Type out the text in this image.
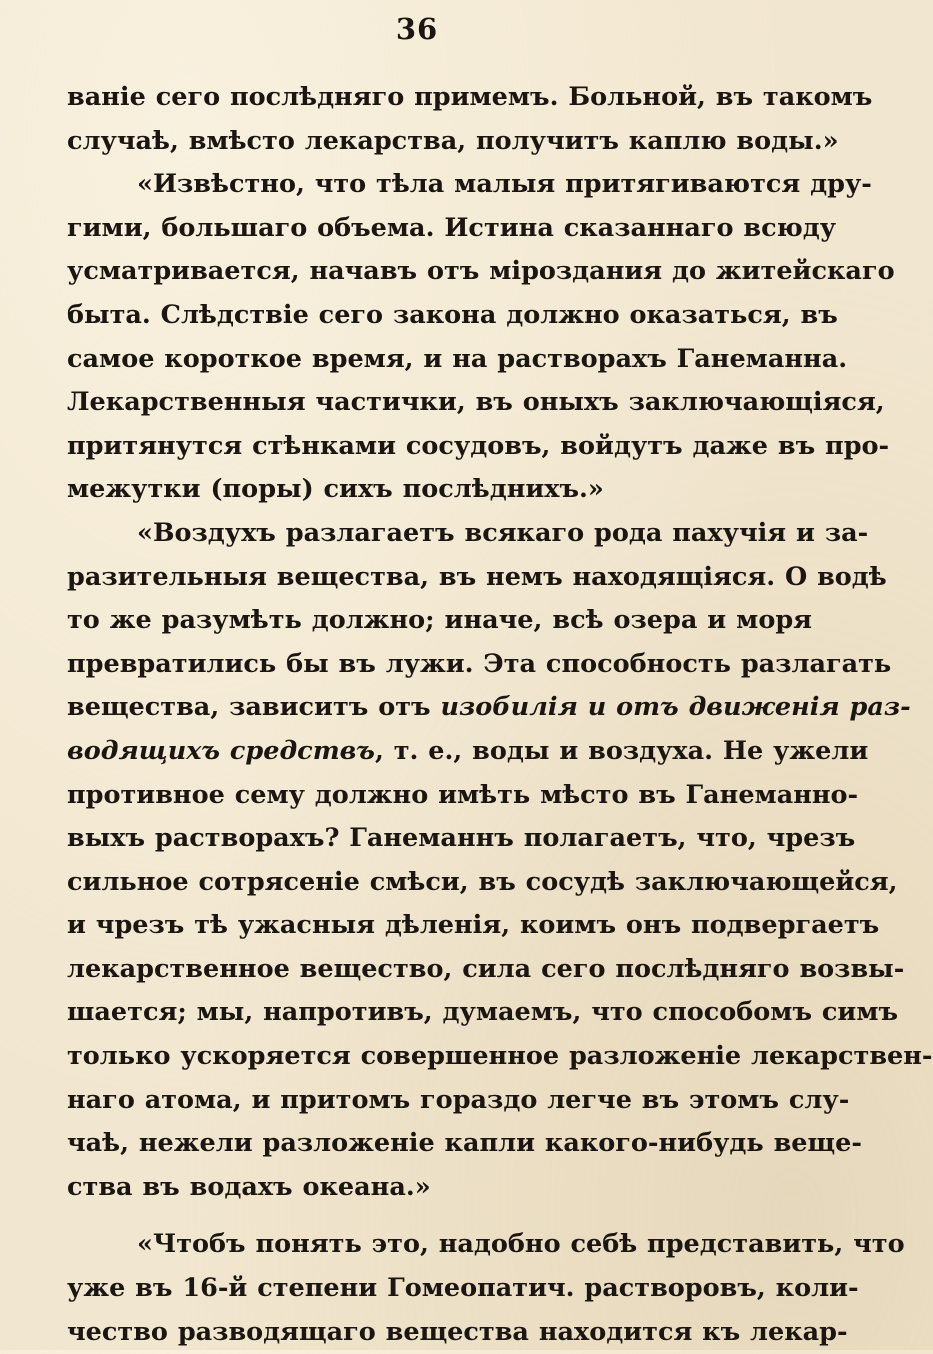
36
ваніе сего послѣдняго примемъ. Больной, въ такомъ
случаѣ, вмѣсто лекарства, получитъ каплю воды.»
«Извѣстно, что тѣла малыя притягиваются дру-
гими, большаго объема. Истина сказаннаго всюду
усматривается, начавъ отъ міроздания до житейскаго
быта. Слѣдствіе сего закона должно оказаться, въ
самое короткое время, и на растворахъ Ганеманна.
Лекарственныя частички, въ оныхъ заключающіяся,
притянутся стѣнками сосудовъ, войдутъ даже въ про-
межутки (поры) сихъ послѣднихъ.»
«Воздухъ разлагаетъ всякаго рода пахучія и за-
разительныя вещества, въ немъ находящіяся. О водѣ
то же разумѣть должно; иначе, всѣ озера и моря
превратились бы въ лужи. Эта способность разлагать
вещества, зависитъ отъ изобилія и отъ движенія раз-
водящихъ средствъ, т. е., воды и воздуха. Не ужели
противное сему должно имѣть мѣсто въ Ганеманно-
выхъ растворахъ? Ганеманнъ полагаетъ, что, чрезъ
сильное сотрясеніе смѣси, въ сосудѣ заключающейся,
и чрезъ тѣ ужасныя дѣленія, коимъ онъ подвергаетъ
лекарственное вещество, сила сего послѣдняго возвы-
шается; мы, напротивъ, думаемъ, что способомъ симъ
только ускоряется совершенное разложеніе лекарствен-
наго атома, и притомъ гораздо легче въ этомъ слу-
чаѣ, нежели разложеніе капли какого-нибудь веще-
ства въ водахъ океана.»
«Чтобъ понять это, надобно себѣ представить, что
уже въ 16-й степени Гомеопатич. растворовъ, коли-
чество разводящаго вещества находится къ лекар-
